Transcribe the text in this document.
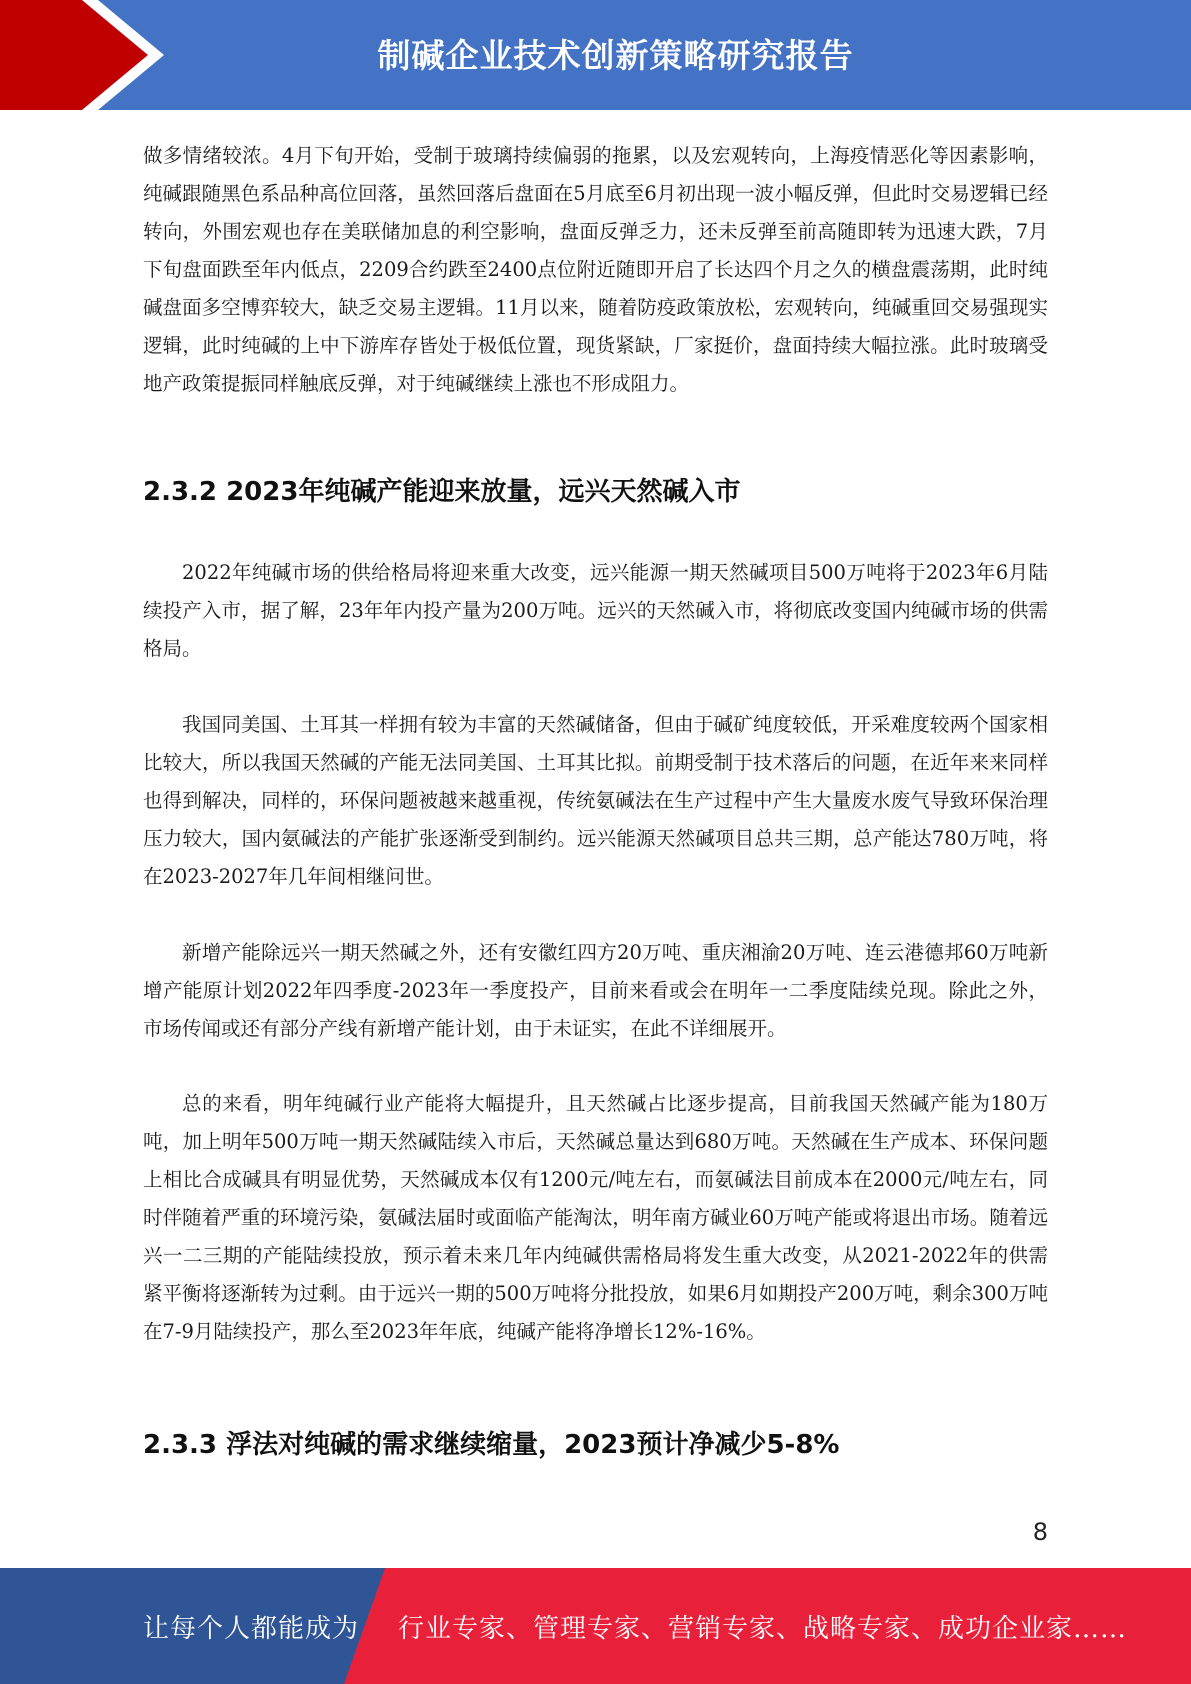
制碱企业技术创新策略研究报告

做多情绪较浓。4月下旬开始，受制于玻璃持续偏弱的拖累，以及宏观转向，上海疫情恶化等因素影响，纯碱跟随黑色系品种高位回落，虽然回落后盘面在5月底至6月初出现一波小幅反弹，但此时交易逻辑已经转向，外围宏观也存在美联储加息的利空影响，盘面反弹乏力，还未反弹至前高随即转为迅速大跌，7月下旬盘面跌至年内低点，2209合约跌至2400点位附近随即开启了长达四个月之久的横盘震荡期，此时纯碱盘面多空博弈较大，缺乏交易主逻辑。11月以来，随着防疫政策放松，宏观转向，纯碱重回交易强现实逻辑，此时纯碱的上中下游库存皆处于极低位置，现货紧缺，厂家挺价，盘面持续大幅拉涨。此时玻璃受地产政策提振同样触底反弹，对于纯碱继续上涨也不形成阻力。

2.3.2 2023年纯碱产能迎来放量，远兴天然碱入市

2022年纯碱市场的供给格局将迎来重大改变，远兴能源一期天然碱项目500万吨将于2023年6月陆续投产入市，据了解，23年年内投产量为200万吨。远兴的天然碱入市，将彻底改变国内纯碱市场的供需格局。

我国同美国、土耳其一样拥有较为丰富的天然碱储备，但由于碱矿纯度较低，开采难度较两个国家相比较大，所以我国天然碱的产能无法同美国、土耳其比拟。前期受制于技术落后的问题，在近年来来同样也得到解决，同样的，环保问题被越来越重视，传统氨碱法在生产过程中产生大量废水废气导致环保治理压力较大，国内氨碱法的产能扩张逐渐受到制约。远兴能源天然碱项目总共三期，总产能达780万吨，将在2023-2027年几年间相继问世。

新增产能除远兴一期天然碱之外，还有安徽红四方20万吨、重庆湘渝20万吨、连云港德邦60万吨新增产能原计划2022年四季度-2023年一季度投产，目前来看或会在明年一二季度陆续兑现。除此之外，市场传闻或还有部分产线有新增产能计划，由于未证实，在此不详细展开。

总的来看，明年纯碱行业产能将大幅提升，且天然碱占比逐步提高，目前我国天然碱产能为180万吨，加上明年500万吨一期天然碱陆续入市后，天然碱总量达到680万吨。天然碱在生产成本、环保问题上相比合成碱具有明显优势，天然碱成本仅有1200元/吨左右，而氨碱法目前成本在2000元/吨左右，同时伴随着严重的环境污染，氨碱法届时或面临产能淘汰，明年南方碱业60万吨产能或将退出市场。随着远兴一二三期的产能陆续投放，预示着未来几年内纯碱供需格局将发生重大改变，从2021-2022年的供需紧平衡将逐渐转为过剩。由于远兴一期的500万吨将分批投放，如果6月如期投产200万吨，剩余300万吨在7-9月陆续投产，那么至2023年年底，纯碱产能将净增长12%-16%。

2.3.3 浮法对纯碱的需求继续缩量，2023预计净减少5-8%
8
让每个人都能成为 行业专家、管理专家、营销专家、战略专家、成功企业家……
